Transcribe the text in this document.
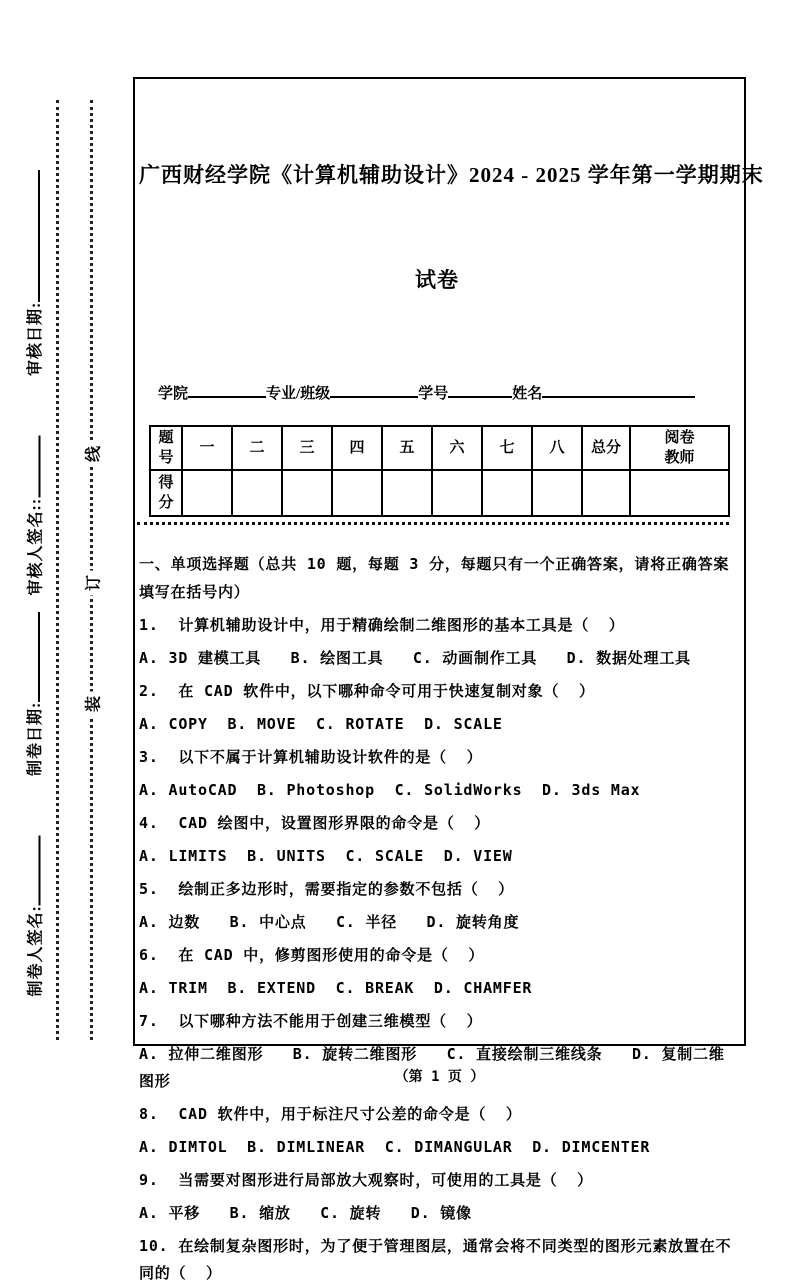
线
订
装
审核日期:
审核人签名::
制卷日期:
制卷人签名:

广西财经学院《计算机辅助设计》2024 - 2025 学年第一学期期末

试卷

学院	专业/班级	学号	姓名
题号	一	二	三	四	五	六	七	八	总分	阅卷教师
得分										

一、单项选择题（总共 10 题，每题 3 分，每题只有一个正确答案，请将正确答案填写在括号内）

1.  计算机辅助设计中，用于精确绘制二维图形的基本工具是（  ）

A. 3D 建模工具   B. 绘图工具   C. 动画制作工具   D. 数据处理工具

2.  在 CAD 软件中，以下哪种命令可用于快速复制对象（  ）

A. COPY  B. MOVE  C. ROTATE  D. SCALE

3.  以下不属于计算机辅助设计软件的是（  ）

A. AutoCAD  B. Photoshop  C. SolidWorks  D. 3ds Max

4.  CAD 绘图中，设置图形界限的命令是（  ）

A. LIMITS  B. UNITS  C. SCALE  D. VIEW

5.  绘制正多边形时，需要指定的参数不包括（  ）

A. 边数   B. 中心点   C. 半径   D. 旋转角度

6.  在 CAD 中，修剪图形使用的命令是（  ）

A. TRIM  B. EXTEND  C. BREAK  D. CHAMFER

7.  以下哪种方法不能用于创建三维模型（  ）

A. 拉伸二维图形   B. 旋转二维图形   C. 直接绘制三维线条   D. 复制二维图形

8.  CAD 软件中，用于标注尺寸公差的命令是（  ）

A. DIMTOL  B. DIMLINEAR  C. DIMANGULAR  D. DIMCENTER

9.  当需要对图形进行局部放大观察时，可使用的工具是（  ）

A. 平移   B. 缩放   C. 旋转   D. 镜像

10. 在绘制复杂图形时，为了便于管理图层，通常会将不同类型的图形元素放置在不同的（  ）

（第 1 页 ）
